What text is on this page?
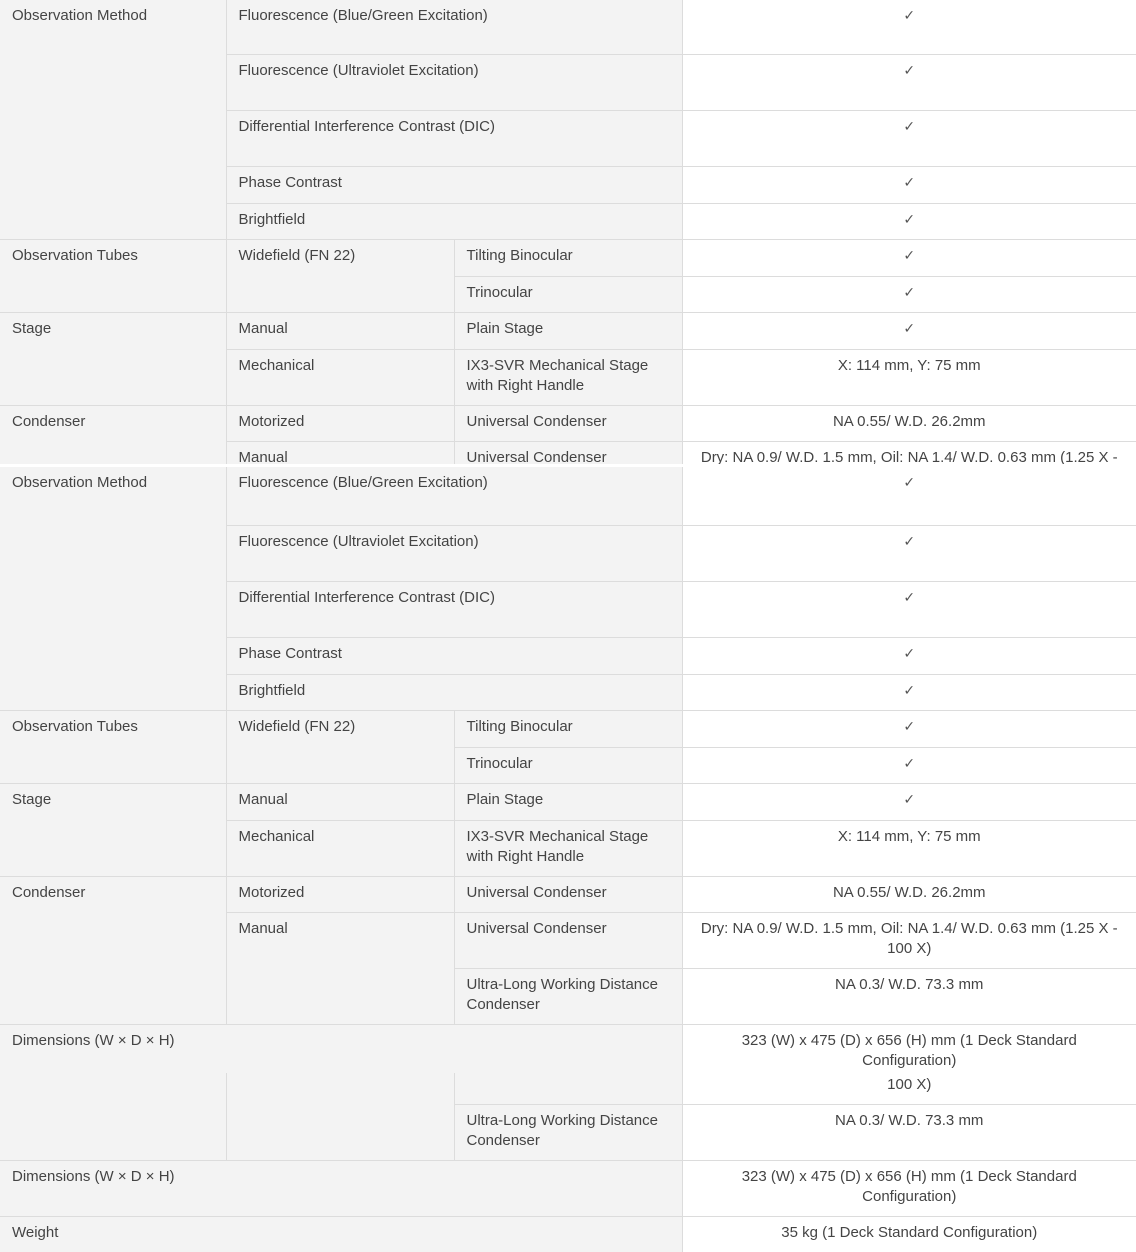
Observation Method	Fluorescence (Blue/Green Excitation)		✓
	Fluorescence (Ultraviolet Excitation)		✓
	Differential Interference Contrast (DIC)		✓
	Phase Contrast		✓
	Brightfield		✓
Observation Tubes	Widefield (FN 22)	Tilting Binocular	✓
		Trinocular	✓
Stage	Manual	Plain Stage	✓
	Mechanical	IX3-SVR Mechanical Stage with Right Handle	X: 114 mm, Y: 75 mm
Condenser	Motorized	Universal Condenser	NA 0.55/ W.D. 26.2mm
	Manual	Universal Condenser	Dry: NA 0.9/ W.D. 1.5 mm, Oil: NA 1.4/ W.D. 0.63 mm (1.25 X -
Observation Method	Fluorescence (Blue/Green Excitation)		✓
	Fluorescence (Ultraviolet Excitation)		✓
	Differential Interference Contrast (DIC)		✓
	Phase Contrast		✓
	Brightfield		✓
Observation Tubes	Widefield (FN 22)	Tilting Binocular	✓
		Trinocular	✓
Stage	Manual	Plain Stage	✓
	Mechanical	IX3-SVR Mechanical Stage with Right Handle	X: 114 mm, Y: 75 mm
Condenser	Motorized	Universal Condenser	NA 0.55/ W.D. 26.2mm
	Manual	Universal Condenser	Dry: NA 0.9/ W.D. 1.5 mm, Oil: NA 1.4/ W.D. 0.63 mm (1.25 X - 100 X)
		Ultra-Long Working Distance Condenser	NA 0.3/ W.D. 73.3 mm
Dimensions (W × D × H)			323 (W) x 475 (D) x 656 (H) mm (1 Deck Standard Configuration)
			100 X)
		Ultra-Long Working Distance Condenser	NA 0.3/ W.D. 73.3 mm
Dimensions (W × D × H)			323 (W) x 475 (D) x 656 (H) mm (1 Deck Standard Configuration)
Weight			35 kg (1 Deck Standard Configuration)
